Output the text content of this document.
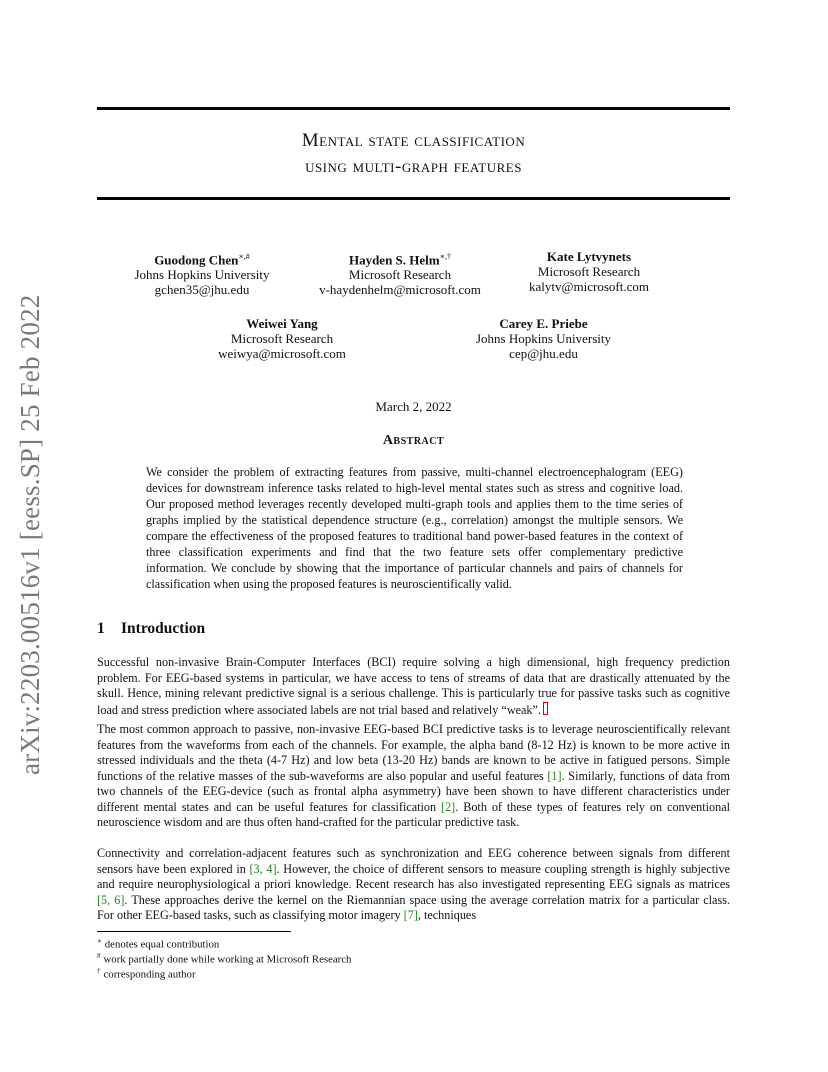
arXiv:2203.00516v1 [eess.SP] 25 Feb 2022
Mental state classification
using multi-graph features
Guodong Chen∗,#
Johns Hopkins University
gchen35@jhu.edu
Hayden S. Helm∗,†
Microsoft Research
v-haydenhelm@microsoft.com
Kate Lytvynets
Microsoft Research
kalytv@microsoft.com
Weiwei Yang
Microsoft Research
weiwya@microsoft.com
Carey E. Priebe
Johns Hopkins University
cep@jhu.edu
March 2, 2022
Abstract

We consider the problem of extracting features from passive, multi-channel electroencephalogram (EEG) devices for downstream inference tasks related to high-level mental states such as stress and cognitive load. Our proposed method leverages recently developed multi-graph tools and applies them to the time series of graphs implied by the statistical dependence structure (e.g., correlation) amongst the multiple sensors. We compare the effectiveness of the proposed features to traditional band power-based features in the context of three classification experiments and find that the two feature sets offer complementary predictive information. We conclude by showing that the importance of particular channels and pairs of channels for classification when using the proposed features is neuroscientifically valid.

1 Introduction

Successful non-invasive Brain-Computer Interfaces (BCI) require solving a high dimensional, high frequency prediction problem. For EEG-based systems in particular, we have access to tens of streams of data that are drastically attenuated by the skull. Hence, mining relevant predictive signal is a serious challenge. This is particularly true for passive tasks such as cognitive load and stress prediction where associated labels are not trial based and relatively “weak”.

The most common approach to passive, non-invasive EEG-based BCI predictive tasks is to leverage neuroscientifically relevant features from the waveforms from each of the channels. For example, the alpha band (8-12 Hz) is known to be more active in stressed individuals and the theta (4-7 Hz) and low beta (13-20 Hz) bands are known to be active in fatigued persons. Simple functions of the relative masses of the sub-waveforms are also popular and useful features [1]. Similarly, functions of data from two channels of the EEG-device (such as frontal alpha asymmetry) have been shown to have different characteristics under different mental states and can be useful features for classification [2]. Both of these types of features rely on conventional neuroscience wisdom and are thus often hand-crafted for the particular predictive task.

Connectivity and correlation-adjacent features such as synchronization and EEG coherence between signals from different sensors have been explored in [3, 4]. However, the choice of different sensors to measure coupling strength is highly subjective and require neurophysiological a priori knowledge. Recent research has also investigated representing EEG signals as matrices [5, 6]. These approaches derive the kernel on the Riemannian space using the average correlation matrix for a particular class. For other EEG-based tasks, such as classifying motor imagery [7], techniques

∗ denotes equal contribution
# work partially done while working at Microsoft Research
† corresponding author
